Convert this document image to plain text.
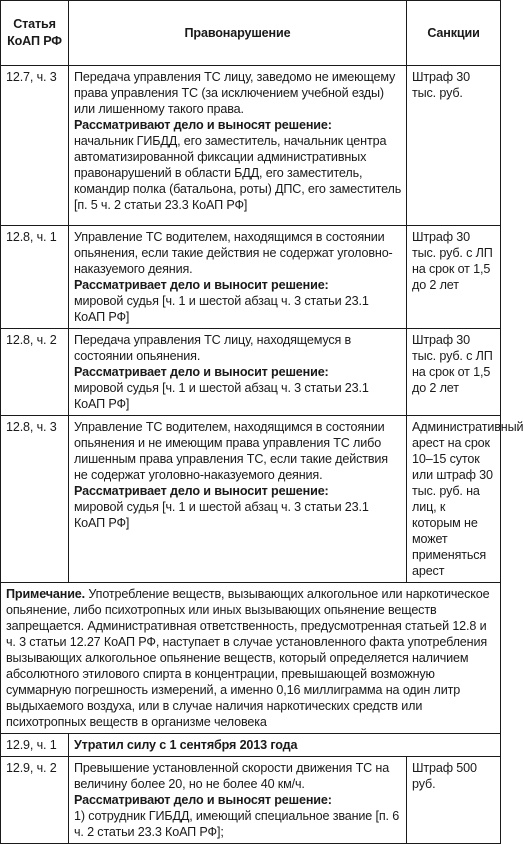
Статья КоАП РФ	Правонарушение	Санкции
12.7, ч. 3	Передача управления ТС лицу, заведомо не имеющему права управления ТС (за исключением учебной езды) или лишенному такого права.
Рассматривают дело и выносят решение:
начальник ГИБДД, его заместитель, начальник центра автоматизированной фиксации административных правонарушений в области БДД, его заместитель, командир полка (батальона, роты) ДПС, его заместитель [п. 5 ч. 2 статьи 23.3 КоАП РФ]	Штраф 30 тыс. руб.
12.8, ч. 1	Управление ТС водителем, находящимся в состоянии опьянения, если такие действия не содержат уголовно-наказуемого деяния.
Рассматривает дело и выносит решение:
мировой судья [ч. 1 и шестой абзац ч. 3 статьи 23.1 КоАП РФ]	Штраф 30 тыс. руб. с ЛП на срок от 1,5 до 2 лет
12.8, ч. 2	Передача управления ТС лицу, находящемуся в состоянии опьянения.
Рассматривает дело и выносит решение:
мировой судья [ч. 1 и шестой абзац ч. 3 статьи 23.1 КоАП РФ]	Штраф 30 тыс. руб. с ЛП на срок от 1,5 до 2 лет
12.8, ч. 3	Управление ТС водителем, находящимся в состоянии опьянения и не имеющим права управления ТС либо лишенным права управления ТС, если такие действия не содержат уголовно-наказуемого деяния.
Рассматривает дело и выносит решение:
мировой судья [ч. 1 и шестой абзац ч. 3 статьи 23.1 КоАП РФ]	Административный арест на срок 10–15 суток или штраф 30 тыс. руб. на лиц, к которым не может применяться арест
Примечание. Употребление веществ, вызывающих алкогольное или наркотическое опьянение, либо психотропных или иных вызывающих опьянение веществ запрещается. Административная ответственность, предусмотренная статьей 12.8 и ч. 3 статьи 12.27 КоАП РФ, наступает в случае установленного факта употребления вызывающих алкогольное опьянение веществ, который определяется наличием абсолютного этилового спирта в концентрации, превышающей возможную суммарную погрешность измерений, а именно 0,16 миллиграмма на один литр выдыхаемого воздуха, или в случае наличия наркотических средств или психотропных веществ в организме человека		
12.9, ч. 1	Утратил силу с 1 сентября 2013 года	
12.9, ч. 2	Превышение установленной скорости движения ТС на величину более 20, но не более 40 км/ч.
Рассматривают дело и выносят решение:
1) сотрудник ГИБДД, имеющий специальное звание [п. 6 ч. 2 статьи 23.3 КоАП РФ];	Штраф 500 руб.
